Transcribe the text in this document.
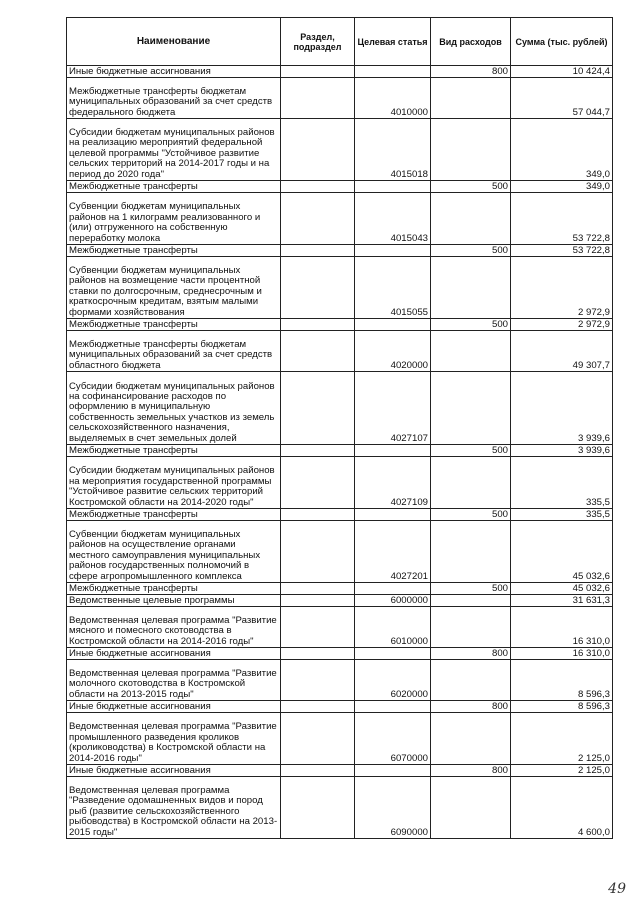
Наименование	Раздел, подраздел	Целевая статья	Вид расходов	Сумма (тыс. рублей)
Иные бюджетные ассигнования			800	10 424,4
Межбюджетные трансферты бюджетам муниципальных образований за счет средств федерального бюджета		4010000		57 044,7
Субсидии бюджетам муниципальных районов на реализацию мероприятий федеральной целевой программы "Устойчивое развитие сельских территорий на 2014-2017 годы и на период до 2020 года"		4015018		349,0
Межбюджетные трансферты			500	349,0
Субвенции бюджетам муниципальных районов на 1 килограмм реализованного и (или) отгруженного на собственную переработку молока		4015043		53 722,8
Межбюджетные трансферты			500	53 722,8
Субвенции бюджетам муниципальных районов на возмещение части процентной ставки по долгосрочным, среднесрочным и краткосрочным кредитам, взятым малыми формами хозяйствования		4015055		2 972,9
Межбюджетные трансферты			500	2 972,9
Межбюджетные трансферты бюджетам муниципальных образований за счет средств областного бюджета		4020000		49 307,7
Субсидии бюджетам муниципальных районов на софинансирование расходов по оформлению в муниципальную собственность земельных участков из земель сельскохозяйственного назначения, выделяемых в счет земельных долей		4027107		3 939,6
Межбюджетные трансферты			500	3 939,6
Субсидии бюджетам муниципальных районов на мероприятия государственной программы "Устойчивое развитие сельских территорий Костромской области на 2014-2020 годы"		4027109		335,5
Межбюджетные трансферты			500	335,5
Субвенции бюджетам муниципальных районов на осуществление органами местного самоуправления муниципальных районов государственных полномочий в сфере агропромышленного комплекса		4027201		45 032,6
Межбюджетные трансферты			500	45 032,6
Ведомственные целевые программы		6000000		31 631,3
Ведомственная целевая программа "Развитие мясного и помесного скотоводства в Костромской области на 2014-2016 годы"		6010000		16 310,0
Иные бюджетные ассигнования			800	16 310,0
Ведомственная целевая программа "Развитие молочного скотоводства в Костромской области на 2013-2015 годы"		6020000		8 596,3
Иные бюджетные ассигнования			800	8 596,3
Ведомственная целевая программа "Развитие промышленного разведения кроликов (кролиководства) в Костромской области на 2014-2016 годы"		6070000		2 125,0
Иные бюджетные ассигнования			800	2 125,0
Ведомственная целевая программа "Разведение одомашненных видов и пород рыб (развитие сельскохозяйственного рыбоводства) в Костромской области на 2013-2015 годы"		6090000		4 600,0
49
